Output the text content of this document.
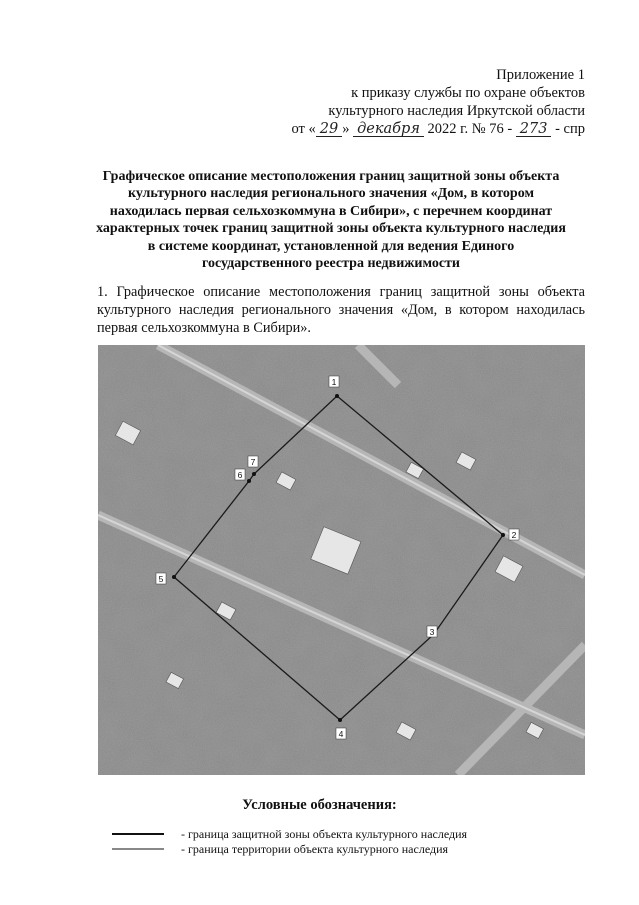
Приложение 1
к приказу службы по охране объектов
культурного наследия Иркутской области
от « 29 » декабря 2022 г. № 76 - 273 - спр
Графическое описание местоположения границ защитной зоны объекта культурного наследия регионального значения «Дом, в котором находилась первая сельхозкоммуна в Сибири», с перечнем координат характерных точек границ защитной зоны объекта культурного наследия в системе координат, установленной для ведения Единого государственного реестра недвижимости
1. Графическое описание местоположения границ защитной зоны объекта культурного наследия регионального значения «Дом, в котором находилась первая сельхозкоммуна в Сибири».
1
2
3
4
5
6
7
Условные обозначения:
- граница защитной зоны объекта культурного наследия
- граница территории объекта культурного наследия
